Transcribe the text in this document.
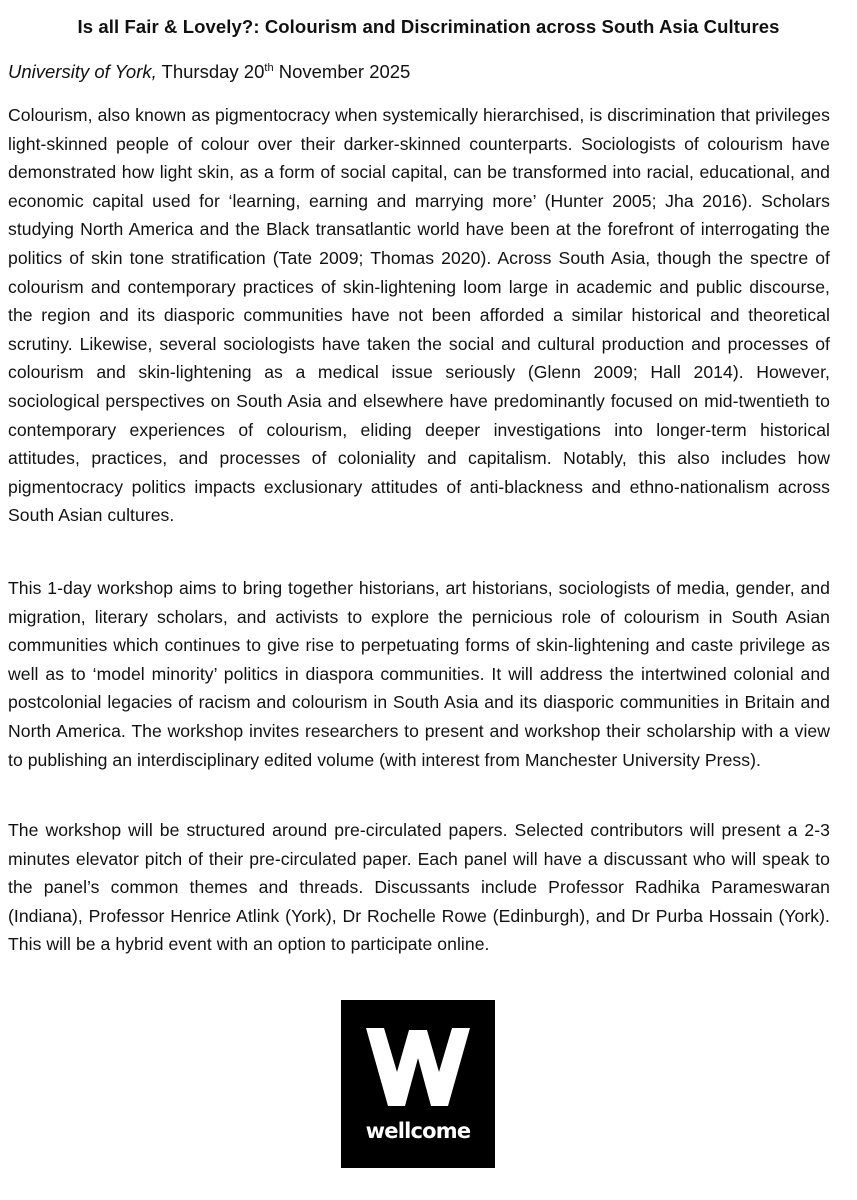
Is all Fair & Lovely?: Colourism and Discrimination across South Asia Cultures

University of York, Thursday 20th November 2025

Colourism, also known as pigmentocracy when systemically hierarchised, is discrimination that privileges light-skinned people of colour over their darker-skinned counterparts. Sociologists of colourism have demonstrated how light skin, as a form of social capital, can be transformed into racial, educational, and economic capital used for ‘learning, earning and marrying more’ (Hunter 2005; Jha 2016). Scholars studying North America and the Black transatlantic world have been at the forefront of interrogating the politics of skin tone stratification (Tate 2009; Thomas 2020). Across South Asia, though the spectre of colourism and contemporary practices of skin-lightening loom large in academic and public discourse, the region and its diasporic communities have not been afforded a similar historical and theoretical scrutiny. Likewise, several sociologists have taken the social and cultural production and processes of colourism and skin-lightening as a medical issue seriously (Glenn 2009; Hall 2014). However, sociological perspectives on South Asia and elsewhere have predominantly focused on mid-twentieth to contemporary experiences of colourism, eliding deeper investigations into longer-term historical attitudes, practices, and processes of coloniality and capitalism. Notably, this also includes how pigmentocracy politics impacts exclusionary attitudes of anti-blackness and ethno-nationalism across South Asian cultures.

This 1-day workshop aims to bring together historians, art historians, sociologists of media, gender, and migration, literary scholars, and activists to explore the pernicious role of colourism in South Asian communities which continues to give rise to perpetuating forms of skin-lightening and caste privilege as well as to ‘model minority’ politics in diaspora communities. It will address the intertwined colonial and postcolonial legacies of racism and colourism in South Asia and its diasporic communities in Britain and North America. The workshop invites researchers to present and workshop their scholarship with a view to publishing an interdisciplinary edited volume (with interest from Manchester University Press).

The workshop will be structured around pre-circulated papers. Selected contributors will present a 2-3 minutes elevator pitch of their pre-circulated paper. Each panel will have a discussant who will speak to the panel’s common themes and threads. Discussants include Professor Radhika Parameswaran (Indiana), Professor Henrice Atlink (York), Dr Rochelle Rowe (Edinburgh), and Dr Purba Hossain (York). This will be a hybrid event with an option to participate online.

wellcome
